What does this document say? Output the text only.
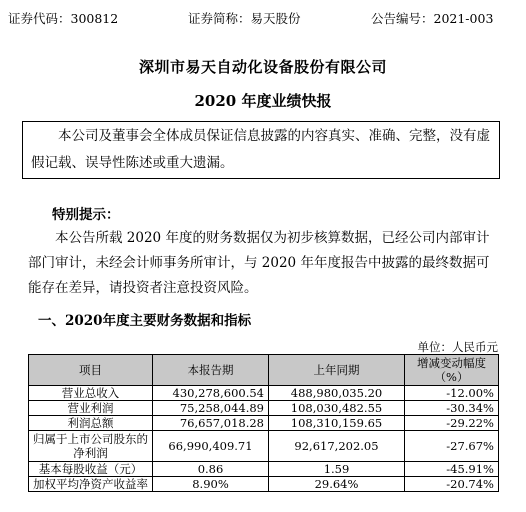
证券代码：300812	证券简称：易天股份	公告编号：2021-003
深圳市易天自动化设备股份有限公司
2020 年度业绩快报

本公司及董事会全体成员保证信息披露的内容真实、准确、完整，没有虚假记载、误导性陈述或重大遗漏。

特别提示：

本公告所载 2020 年度的财务数据仅为初步核算数据，已经公司内部审计部门审计，未经会计师事务所审计，与 2020 年年度报告中披露的最终数据可能存在差异，请投资者注意投资风险。

一、2020年度主要财务数据和指标
单位：人民币元
项目	本报告期	上年同期	增减变动幅度（%）
营业总收入	430,278,600.54	488,980,035.20	-12.00%
营业利润	75,258,044.89	108,030,482.55	-30.34%
利润总额	76,657,018.28	108,310,159.65	-29.22%
归属于上市公司股东的净利润	66,990,409.71	92,617,202.05	-27.67%
基本每股收益（元）	0.86	1.59	-45.91%
加权平均净资产收益率	8.90%	29.64%	-20.74%
